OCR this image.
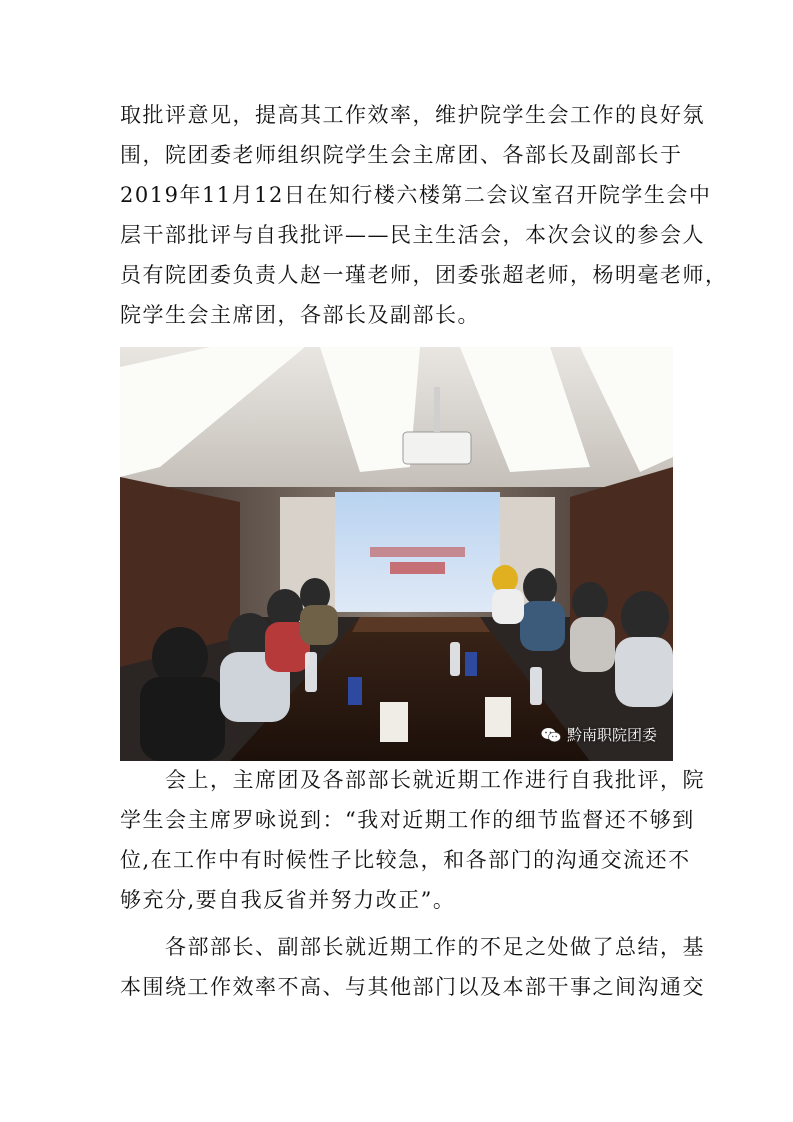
取批评意见，提高其工作效率，维护院学生会工作的良好氛
围，院团委老师组织院学生会主席团、各部长及副部长于
2019年11月12日在知行楼六楼第二会议室召开院学生会中
层干部批评与自我批评——民主生活会，本次会议的参会人
员有院团委负责人赵一瑾老师，团委张超老师，杨明毫老师，
院学生会主席团，各部长及副部长。
黔南职院团委
　　会上，主席团及各部部长就近期工作进行自我批评，院
学生会主席罗咏说到：“我对近期工作的细节监督还不够到
位,在工作中有时候性子比较急，和各部门的沟通交流还不
够充分,要自我反省并努力改正”。
　　各部部长、副部长就近期工作的不足之处做了总结，基
本围绕工作效率不高、与其他部门以及本部干事之间沟通交
